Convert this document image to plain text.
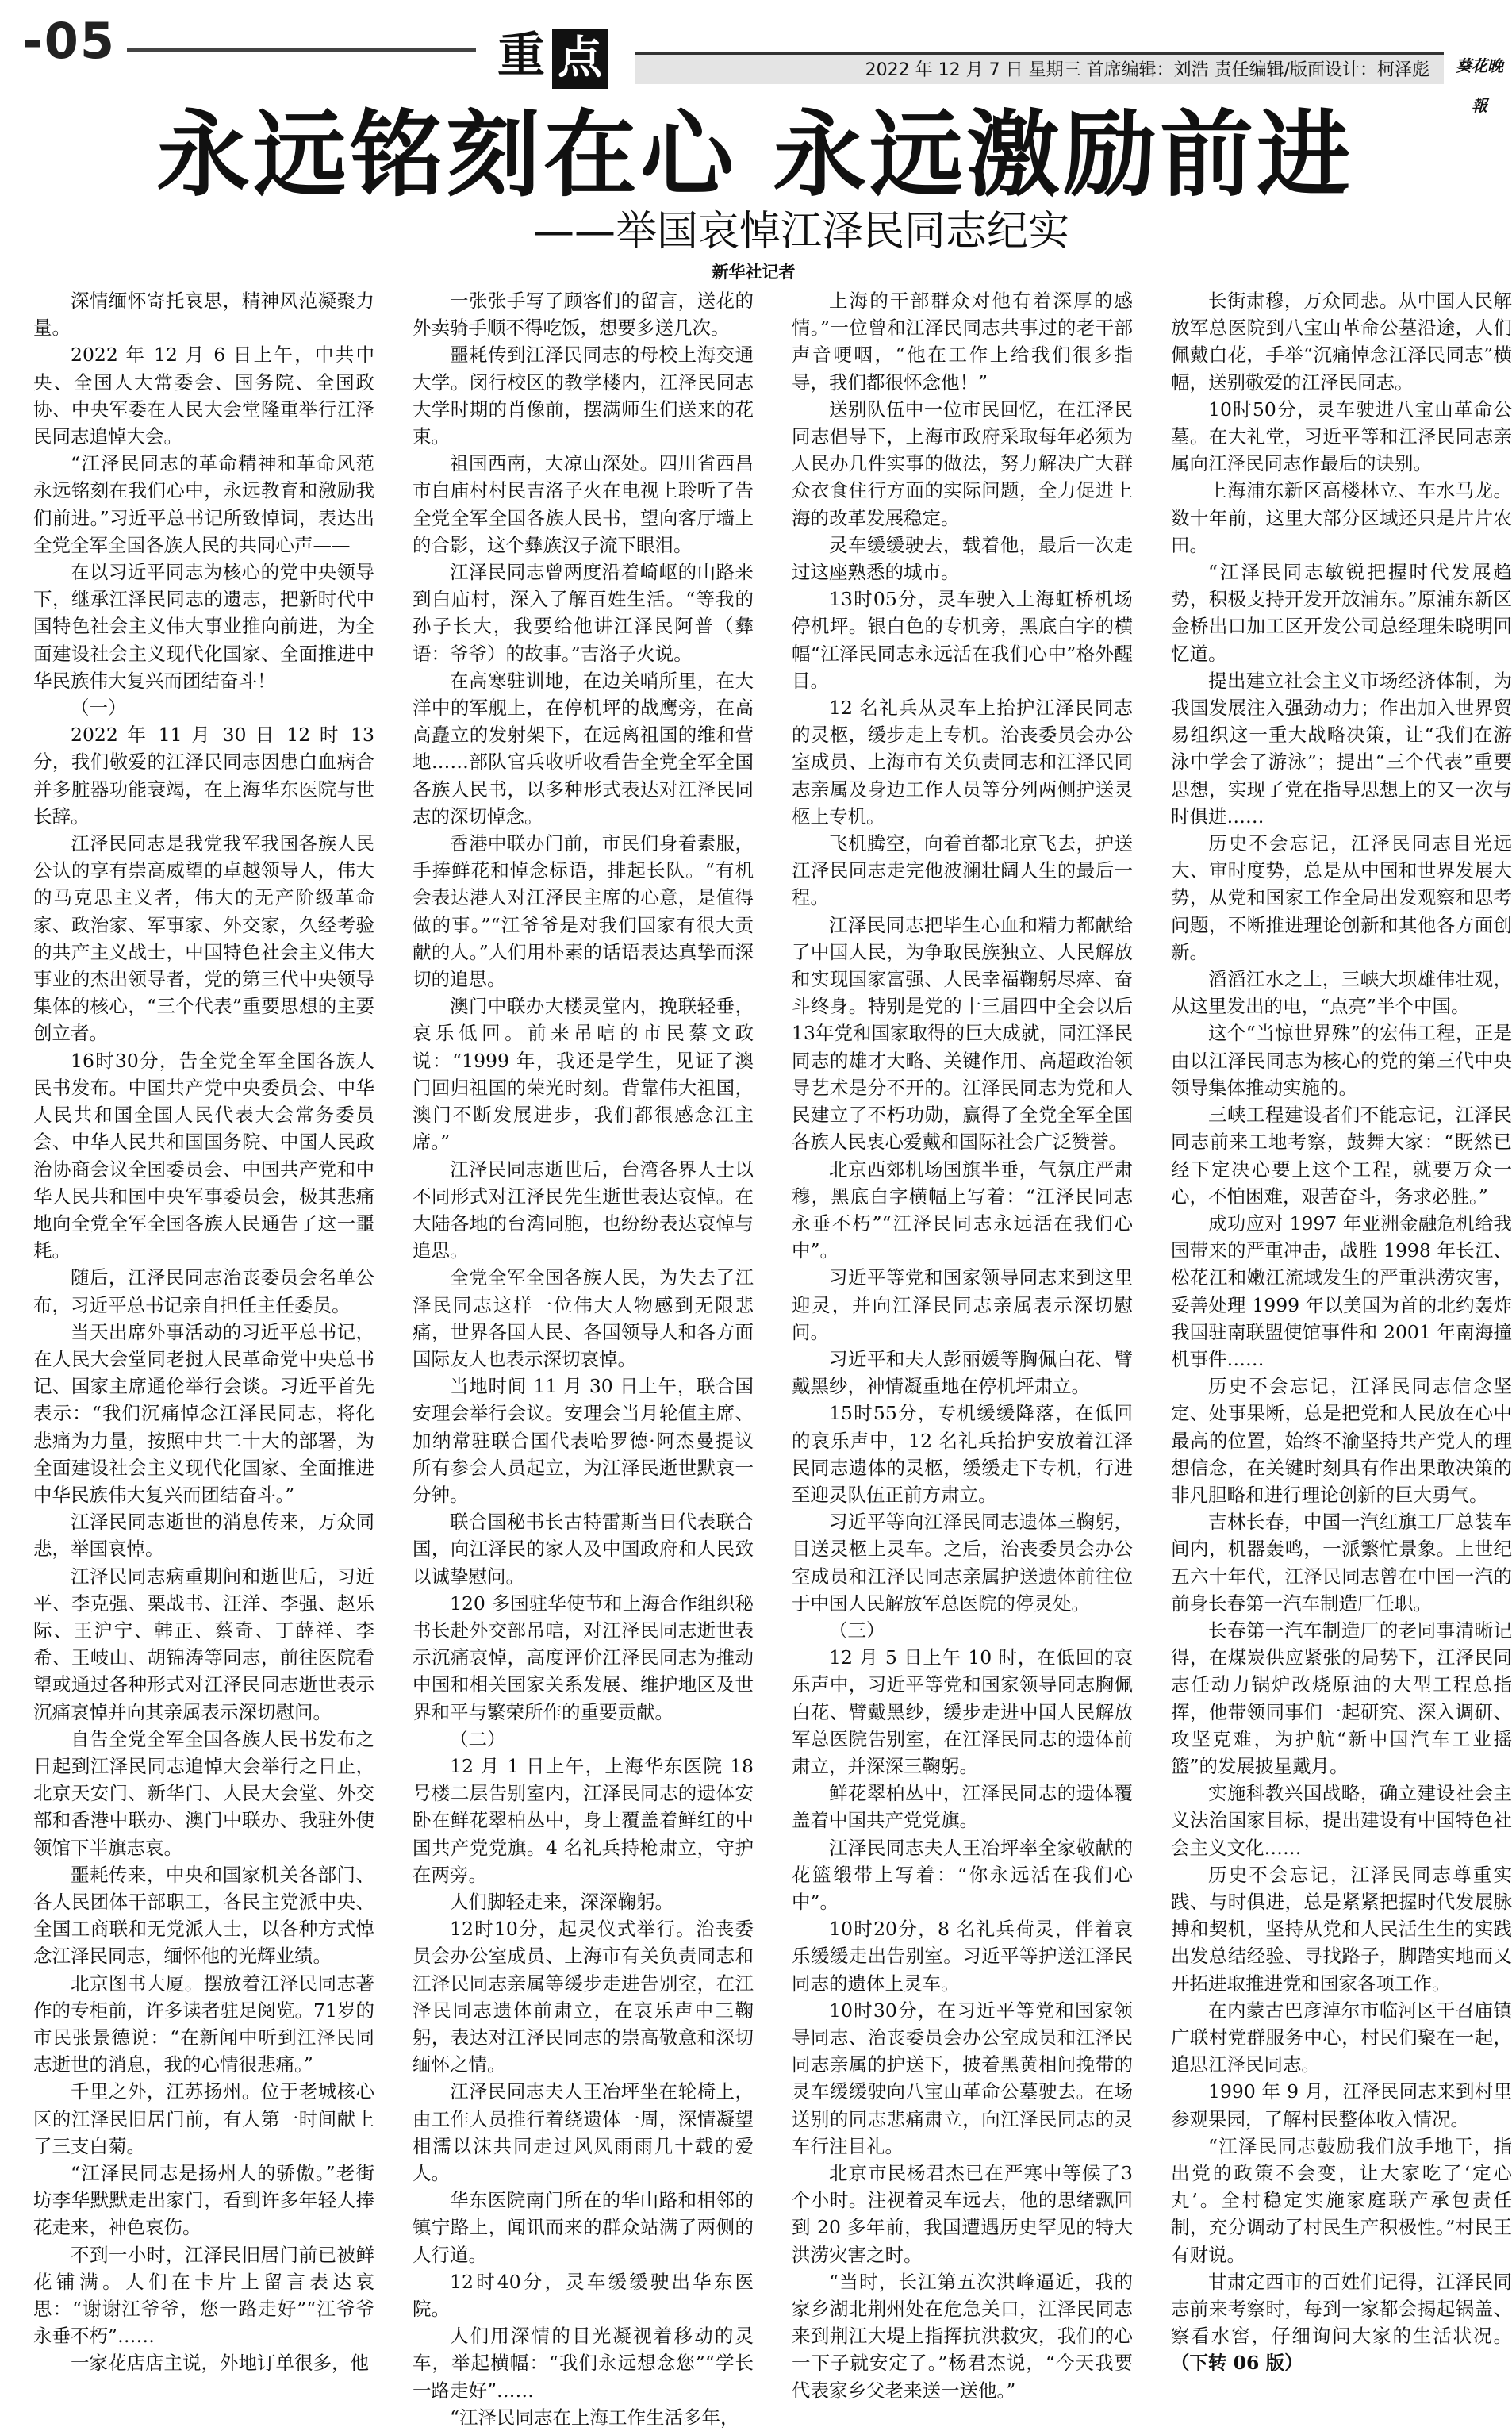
-05	重 点	2022 年 12 月 7 日 星期三 首席编辑：刘浩 责任编辑/版面设计：柯泽彪	葵花晚報
永远铭刻在心 永远激励前进
——举国哀悼江泽民同志纪实
新华社记者

深情缅怀寄托哀思，精神风范凝聚力量。

2022 年 12 月 6 日上午，中共中央、全国人大常委会、国务院、全国政协、中央军委在人民大会堂隆重举行江泽民同志追悼大会。

“江泽民同志的革命精神和革命风范永远铭刻在我们心中，永远教育和激励我们前进。”习近平总书记所致悼词，表达出全党全军全国各族人民的共同心声——

在以习近平同志为核心的党中央领导下，继承江泽民同志的遗志，把新时代中国特色社会主义伟大事业推向前进，为全面建设社会主义现代化国家、全面推进中华民族伟大复兴而团结奋斗！

（一）

2022 年 11 月 30 日 12 时 13 分，我们敬爱的江泽民同志因患白血病合并多脏器功能衰竭，在上海华东医院与世长辞。

江泽民同志是我党我军我国各族人民公认的享有崇高威望的卓越领导人，伟大的马克思主义者，伟大的无产阶级革命家、政治家、军事家、外交家，久经考验的共产主义战士，中国特色社会主义伟大事业的杰出领导者，党的第三代中央领导集体的核心，“三个代表”重要思想的主要创立者。

16时30分，告全党全军全国各族人民书发布。中国共产党中央委员会、中华人民共和国全国人民代表大会常务委员会、中华人民共和国国务院、中国人民政治协商会议全国委员会、中国共产党和中华人民共和国中央军事委员会，极其悲痛地向全党全军全国各族人民通告了这一噩耗。

随后，江泽民同志治丧委员会名单公布，习近平总书记亲自担任主任委员。

当天出席外事活动的习近平总书记，在人民大会堂同老挝人民革命党中央总书记、国家主席通伦举行会谈。习近平首先表示：“我们沉痛悼念江泽民同志，将化悲痛为力量，按照中共二十大的部署，为全面建设社会主义现代化国家、全面推进中华民族伟大复兴而团结奋斗。”

江泽民同志逝世的消息传来，万众同悲，举国哀悼。

江泽民同志病重期间和逝世后，习近平、李克强、栗战书、汪洋、李强、赵乐际、王沪宁、韩正、蔡奇、丁薛祥、李希、王岐山、胡锦涛等同志，前往医院看望或通过各种形式对江泽民同志逝世表示沉痛哀悼并向其亲属表示深切慰问。

自告全党全军全国各族人民书发布之日起到江泽民同志追悼大会举行之日止，北京天安门、新华门、人民大会堂、外交部和香港中联办、澳门中联办、我驻外使领馆下半旗志哀。

噩耗传来，中央和国家机关各部门、各人民团体干部职工，各民主党派中央、全国工商联和无党派人士，以各种方式悼念江泽民同志，缅怀他的光辉业绩。

北京图书大厦。摆放着江泽民同志著作的专柜前，许多读者驻足阅览。71岁的市民张景德说：“在新闻中听到江泽民同志逝世的消息，我的心情很悲痛。”

千里之外，江苏扬州。位于老城核心区的江泽民旧居门前，有人第一时间献上了三支白菊。

“江泽民同志是扬州人的骄傲。”老街坊李华默默走出家门，看到许多年轻人捧花走来，神色哀伤。

不到一小时，江泽民旧居门前已被鲜花铺满。人们在卡片上留言表达哀思：“谢谢江爷爷，您一路走好”“江爷爷永垂不朽”……

一家花店店主说，外地订单很多，他

一张张手写了顾客们的留言，送花的外卖骑手顺不得吃饭，想要多送几次。

噩耗传到江泽民同志的母校上海交通大学。闵行校区的教学楼内，江泽民同志大学时期的肖像前，摆满师生们送来的花束。

祖国西南，大凉山深处。四川省西昌市白庙村村民吉洛子火在电视上聆听了告全党全军全国各族人民书，望向客厅墙上的合影，这个彝族汉子流下眼泪。

江泽民同志曾两度沿着崎岖的山路来到白庙村，深入了解百姓生活。“等我的孙子长大，我要给他讲江泽民阿普（彝语：爷爷）的故事。”吉洛子火说。

在高寒驻训地，在边关哨所里，在大洋中的军舰上，在停机坪的战鹰旁，在高高矗立的发射架下，在远离祖国的维和营地……部队官兵收听收看告全党全军全国各族人民书，以多种形式表达对江泽民同志的深切悼念。

香港中联办门前，市民们身着素服，手捧鲜花和悼念标语，排起长队。“有机会表达港人对江泽民主席的心意，是值得做的事。”“江爷爷是对我们国家有很大贡献的人。”人们用朴素的话语表达真挚而深切的追思。

澳门中联办大楼灵堂内，挽联轻垂，哀乐低回。前来吊唁的市民蔡文政说：“1999 年，我还是学生，见证了澳门回归祖国的荣光时刻。背靠伟大祖国，澳门不断发展进步，我们都很感念江主席。”

江泽民同志逝世后，台湾各界人士以不同形式对江泽民先生逝世表达哀悼。在大陆各地的台湾同胞，也纷纷表达哀悼与追思。

全党全军全国各族人民，为失去了江泽民同志这样一位伟大人物感到无限悲痛，世界各国人民、各国领导人和各方面国际友人也表示深切哀悼。

当地时间 11 月 30 日上午，联合国安理会举行会议。安理会当月轮值主席、加纳常驻联合国代表哈罗德·阿杰曼提议所有参会人员起立，为江泽民逝世默哀一分钟。

联合国秘书长古特雷斯当日代表联合国，向江泽民的家人及中国政府和人民致以诚挚慰问。

120 多国驻华使节和上海合作组织秘书长赴外交部吊唁，对江泽民同志逝世表示沉痛哀悼，高度评价江泽民同志为推动中国和相关国家关系发展、维护地区及世界和平与繁荣所作的重要贡献。

（二）

12 月 1 日上午，上海华东医院 18 号楼二层告别室内，江泽民同志的遗体安卧在鲜花翠柏丛中，身上覆盖着鲜红的中国共产党党旗。4 名礼兵持枪肃立，守护在两旁。

人们脚轻走来，深深鞠躬。

12时10分，起灵仪式举行。治丧委员会办公室成员、上海市有关负责同志和江泽民同志亲属等缓步走进告别室，在江泽民同志遗体前肃立，在哀乐声中三鞠躬，表达对江泽民同志的崇高敬意和深切缅怀之情。

江泽民同志夫人王冶坪坐在轮椅上，由工作人员推行着绕遗体一周，深情凝望相濡以沫共同走过风风雨雨几十载的爱人。

华东医院南门所在的华山路和相邻的镇宁路上，闻讯而来的群众站满了两侧的人行道。

12时40分，灵车缓缓驶出华东医院。

人们用深情的目光凝视着移动的灵车，举起横幅：“我们永远想念您”“学长一路走好”……

“江泽民同志在上海工作生活多年，

上海的干部群众对他有着深厚的感情。”一位曾和江泽民同志共事过的老干部声音哽咽，“他在工作上给我们很多指导，我们都很怀念他！”

送别队伍中一位市民回忆，在江泽民同志倡导下，上海市政府采取每年必须为人民办几件实事的做法，努力解决广大群众衣食住行方面的实际问题，全力促进上海的改革发展稳定。

灵车缓缓驶去，载着他，最后一次走过这座熟悉的城市。

13时05分，灵车驶入上海虹桥机场停机坪。银白色的专机旁，黑底白字的横幅“江泽民同志永远活在我们心中”格外醒目。

12 名礼兵从灵车上抬护江泽民同志的灵柩，缓步走上专机。治丧委员会办公室成员、上海市有关负责同志和江泽民同志亲属及身边工作人员等分列两侧护送灵柩上专机。

飞机腾空，向着首都北京飞去，护送江泽民同志走完他波澜壮阔人生的最后一程。

江泽民同志把毕生心血和精力都献给了中国人民，为争取民族独立、人民解放和实现国家富强、人民幸福鞠躬尽瘁、奋斗终身。特别是党的十三届四中全会以后13年党和国家取得的巨大成就，同江泽民同志的雄才大略、关键作用、高超政治领导艺术是分不开的。江泽民同志为党和人民建立了不朽功勋，赢得了全党全军全国各族人民衷心爱戴和国际社会广泛赞誉。

北京西郊机场国旗半垂，气氛庄严肃穆，黑底白字横幅上写着：“江泽民同志永垂不朽”“江泽民同志永远活在我们心中”。

习近平等党和国家领导同志来到这里迎灵，并向江泽民同志亲属表示深切慰问。

习近平和夫人彭丽媛等胸佩白花、臂戴黑纱，神情凝重地在停机坪肃立。

15时55分，专机缓缓降落，在低回的哀乐声中，12 名礼兵抬护安放着江泽民同志遗体的灵柩，缓缓走下专机，行进至迎灵队伍正前方肃立。

习近平等向江泽民同志遗体三鞠躬，目送灵柩上灵车。之后，治丧委员会办公室成员和江泽民同志亲属护送遗体前往位于中国人民解放军总医院的停灵处。

（三）

12 月 5 日上午 10 时，在低回的哀乐声中，习近平等党和国家领导同志胸佩白花、臂戴黑纱，缓步走进中国人民解放军总医院告别室，在江泽民同志的遗体前肃立，并深深三鞠躬。

鲜花翠柏丛中，江泽民同志的遗体覆盖着中国共产党党旗。

江泽民同志夫人王冶坪率全家敬献的花篮缎带上写着：“你永远活在我们心中”。

10时20分，8 名礼兵荷灵，伴着哀乐缓缓走出告别室。习近平等护送江泽民同志的遗体上灵车。

10时30分，在习近平等党和国家领导同志、治丧委员会办公室成员和江泽民同志亲属的护送下，披着黑黄相间挽带的灵车缓缓驶向八宝山革命公墓驶去。在场送别的同志悲痛肃立，向江泽民同志的灵车行注目礼。

北京市民杨君杰已在严寒中等候了3个小时。注视着灵车远去，他的思绪飘回到 20 多年前，我国遭遇历史罕见的特大洪涝灾害之时。

“当时，长江第五次洪峰逼近，我的家乡湖北荆州处在危急关口，江泽民同志来到荆江大堤上指挥抗洪救灾，我们的心一下子就安定了。”杨君杰说，“今天我要代表家乡父老来送一送他。”

长街肃穆，万众同悲。从中国人民解放军总医院到八宝山革命公墓沿途，人们佩戴白花，手举“沉痛悼念江泽民同志”横幅，送别敬爱的江泽民同志。

10时50分，灵车驶进八宝山革命公墓。在大礼堂，习近平等和江泽民同志亲属向江泽民同志作最后的诀别。

上海浦东新区高楼林立、车水马龙。数十年前，这里大部分区域还只是片片农田。

“江泽民同志敏锐把握时代发展趋势，积极支持开发开放浦东。”原浦东新区金桥出口加工区开发公司总经理朱晓明回忆道。

提出建立社会主义市场经济体制，为我国发展注入强劲动力；作出加入世界贸易组织这一重大战略决策，让“我们在游泳中学会了游泳”；提出“三个代表”重要思想，实现了党在指导思想上的又一次与时俱进……

历史不会忘记，江泽民同志目光远大、审时度势，总是从中国和世界发展大势，从党和国家工作全局出发观察和思考问题，不断推进理论创新和其他各方面创新。

滔滔江水之上，三峡大坝雄伟壮观，从这里发出的电，“点亮”半个中国。

这个“当惊世界殊”的宏伟工程，正是由以江泽民同志为核心的党的第三代中央领导集体推动实施的。

三峡工程建设者们不能忘记，江泽民同志前来工地考察，鼓舞大家：“既然已经下定决心要上这个工程，就要万众一心，不怕困难，艰苦奋斗，务求必胜。”

成功应对 1997 年亚洲金融危机给我国带来的严重冲击，战胜 1998 年长江、松花江和嫩江流域发生的严重洪涝灾害，妥善处理 1999 年以美国为首的北约轰炸我国驻南联盟使馆事件和 2001 年南海撞机事件……

历史不会忘记，江泽民同志信念坚定、处事果断，总是把党和人民放在心中最高的位置，始终不渝坚持共产党人的理想信念，在关键时刻具有作出果敢决策的非凡胆略和进行理论创新的巨大勇气。

吉林长春，中国一汽红旗工厂总装车间内，机器轰鸣，一派繁忙景象。上世纪五六十年代，江泽民同志曾在中国一汽的前身长春第一汽车制造厂任职。

长春第一汽车制造厂的老同事清晰记得，在煤炭供应紧张的局势下，江泽民同志任动力锅炉改烧原油的大型工程总指挥，他带领同事们一起研究、深入调研、攻坚克难，为护航“新中国汽车工业摇篮”的发展披星戴月。

实施科教兴国战略，确立建设社会主义法治国家目标，提出建设有中国特色社会主义文化……

历史不会忘记，江泽民同志尊重实践、与时俱进，总是紧紧把握时代发展脉搏和契机，坚持从党和人民活生生的实践出发总结经验、寻找路子，脚踏实地而又开拓进取推进党和国家各项工作。

在内蒙古巴彦淖尔市临河区干召庙镇广联村党群服务中心，村民们聚在一起，追思江泽民同志。

1990 年 9 月，江泽民同志来到村里参观果园，了解村民整体收入情况。

“江泽民同志鼓励我们放手地干，指出党的政策不会变，让大家吃了‘定心丸’。全村稳定实施家庭联产承包责任制，充分调动了村民生产积极性。”村民王有财说。

甘肃定西市的百姓们记得，江泽民同志前来考察时，每到一家都会揭起锅盖、察看水窖，仔细询问大家的生活状况。（下转 06 版）
